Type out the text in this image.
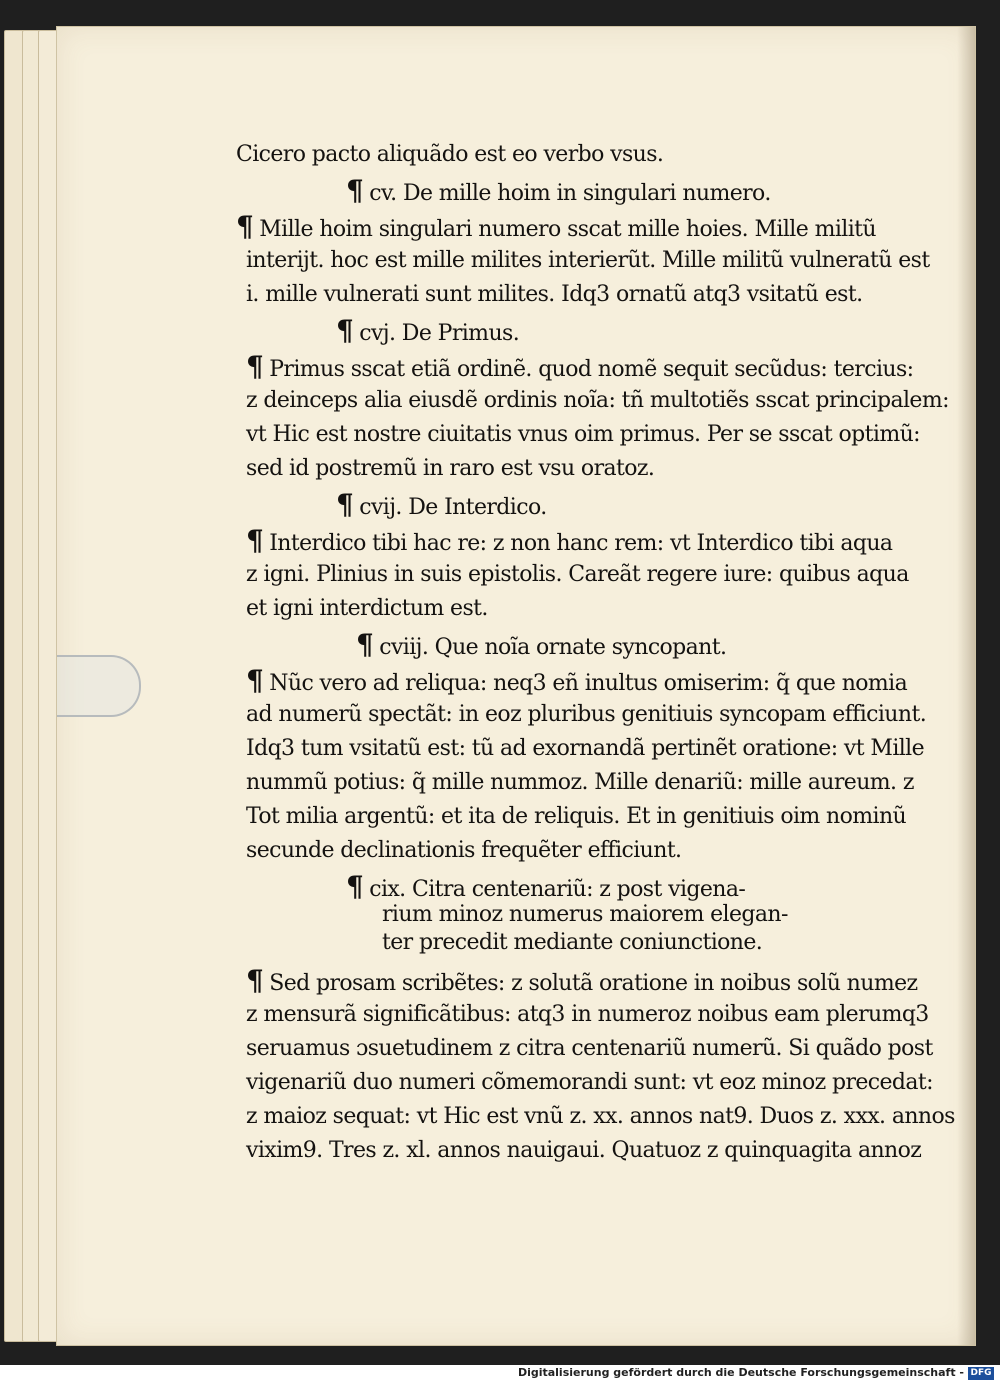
Cicero pacto aliquãdo est eo verbo vsus.
¶ cv. De mille hoim in singulari numero.
¶ Mille hoim singulari numero sscat mille hoies. Mille militũ
interijt. hoc est mille milites interierũt. Mille militũ vulneratũ est
i. mille vulnerati sunt milites. Idq3 ornatũ atq3 vsitatũ est.
¶ cvj. De Primus.
¶ Primus sscat etiã ordinẽ. quod nomẽ sequit secũdus: tercius:
z deinceps alia eiusdẽ ordinis noĩa: tñ multotiẽs sscat principalem:
vt Hic est nostre ciuitatis vnus oim primus. Per se sscat optimũ:
sed id postremũ in raro est vsu oratoz.
¶ cvij. De Interdico.
¶ Interdico tibi hac re: z non hanc rem: vt Interdico tibi aqua
z igni. Plinius in suis epistolis. Careãt regere iure: quibus aqua
et igni interdictum est.
¶ cviij. Que noĩa ornate syncopant.
¶ Nũc vero ad reliqua: neq3 eñ inultus omiserim: q̃ que nomia
ad numerũ spectãt: in eoz pluribus genitiuis syncopam efficiunt.
Idq3 tum vsitatũ est: tũ ad exornandã pertinẽt oratione: vt Mille
nummũ potius: q̃ mille nummoz. Mille denariũ: mille aureum. z
Tot milia argentũ: et ita de reliquis. Et in genitiuis oim nominũ
secunde declinationis frequẽter efficiunt.
¶ cix. Citra centenariũ: z post vigena-
rium minoz numerus maiorem elegan-
ter precedit mediante coniunctione.
¶ Sed prosam scribẽtes: z solutã oratione in noibus solũ numez
z mensurã significãtibus: atq3 in numeroz noibus eam plerumq3
seruamus ɔsuetudinem z citra centenariũ numerũ. Si quãdo post
vigenariũ duo numeri cõmemorandi sunt: vt eoz minoz precedat:
z maioz sequat: vt Hic est vnũ z. xx. annos nat9. Duos z. xxx. annos
vixim9. Tres z. xl. annos nauigaui. Quatuoz z quinquagita annoz
Digitalisierung gefördert durch die Deutsche Forschungsgemeinschaft - DFG
